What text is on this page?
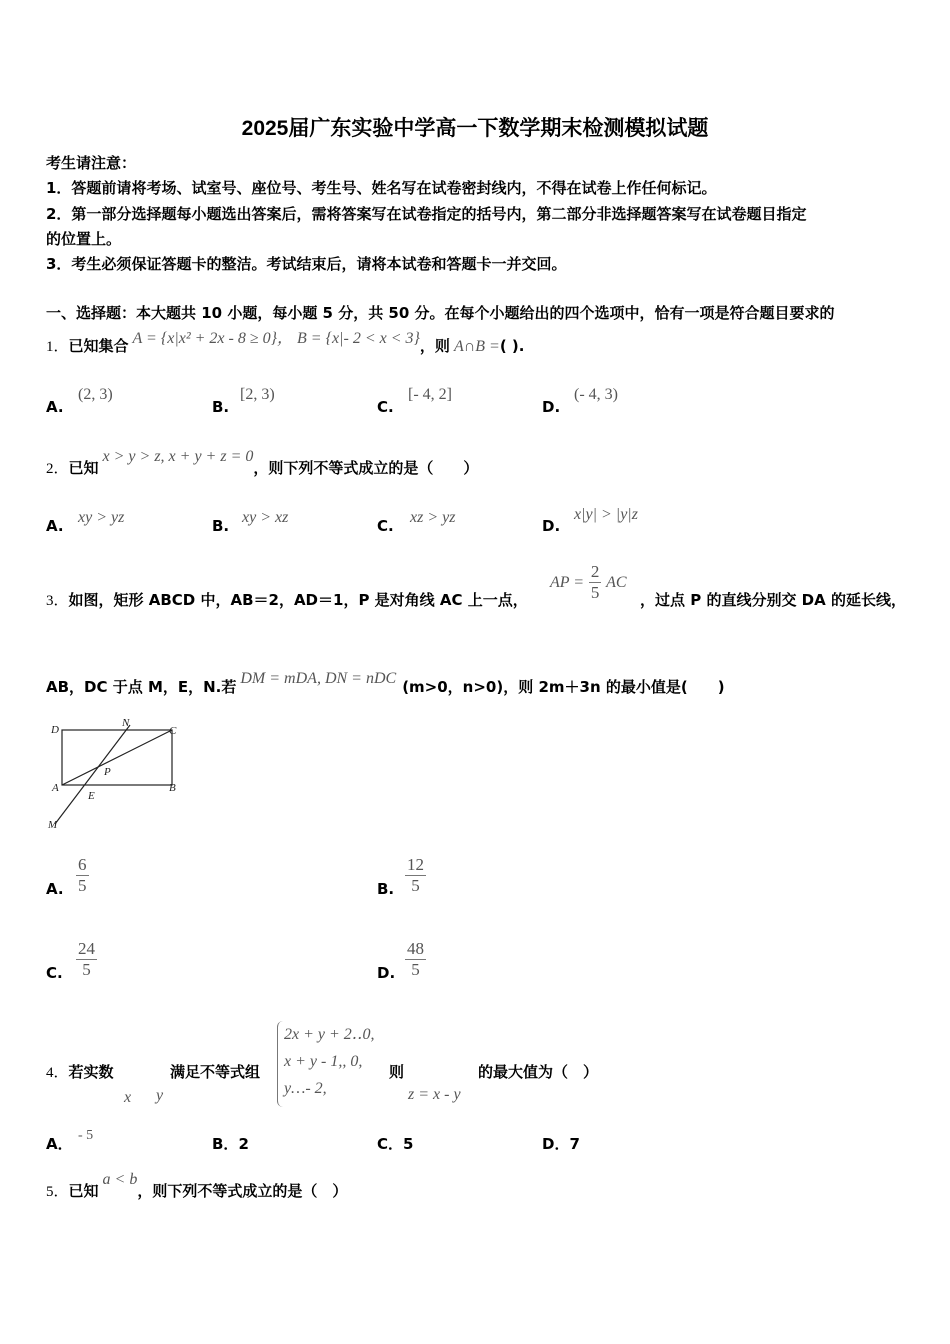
2025届广东实验中学高一下数学期末检测模拟试题
考生请注意：
1．答题前请将考场、试室号、座位号、考生号、姓名写在试卷密封线内，不得在试卷上作任何标记。
2．第一部分选择题每小题选出答案后，需将答案写在试卷指定的括号内，第二部分非选择题答案写在试卷题目指定
的位置上。
3．考生必须保证答题卡的整洁。考试结束后，请将本试卷和答题卡一并交回。
一、选择题：本大题共 10 小题，每小题 5 分，共 50 分。在每个小题给出的四个选项中，恰有一项是符合题目要求的
1．已知集合 A = {x|x² + 2x - 8 ≥ 0}， B = {x|- 2 < x < 3}，则 A∩B =( ).
A.
(2, 3)
B.
[2, 3)
C.
[- 4, 2]
D.
(- 4, 3)
2．已知x > y > z, x + y + z = 0，则下列不等式成立的是（　　）
A. xy > yz	B. xy > xz	C. xz > yz	D.
x|y| > |y|z
3．如图，矩形 ABCD 中，AB＝2，AD＝1，P 是对角线 AC 上一点，
AP = $\frac{2}{5}$ AC
，过点 P 的直线分别交 DA 的延长线，
AB，DC 于点 M，E，N.若 DM = mDA, DN = nDC (m>0，n>0)，则 2m＋3n 的最小值是(　　)
D
N
C
P
A
E
B
M
A. $\frac{6}{5}$	B. $\frac{12}{5}$
C. $\frac{24}{5}$	D. $\frac{48}{5}$
4．若实数	满足不等式组
x y
2x + y + 2‥0,
x + y - 1,, 0,
y…- 2,
则
z = x - y
的最大值为（　）
A． - 5	B．2	C．5	D．7
5．已知a < b，则下列不等式成立的是（　）
